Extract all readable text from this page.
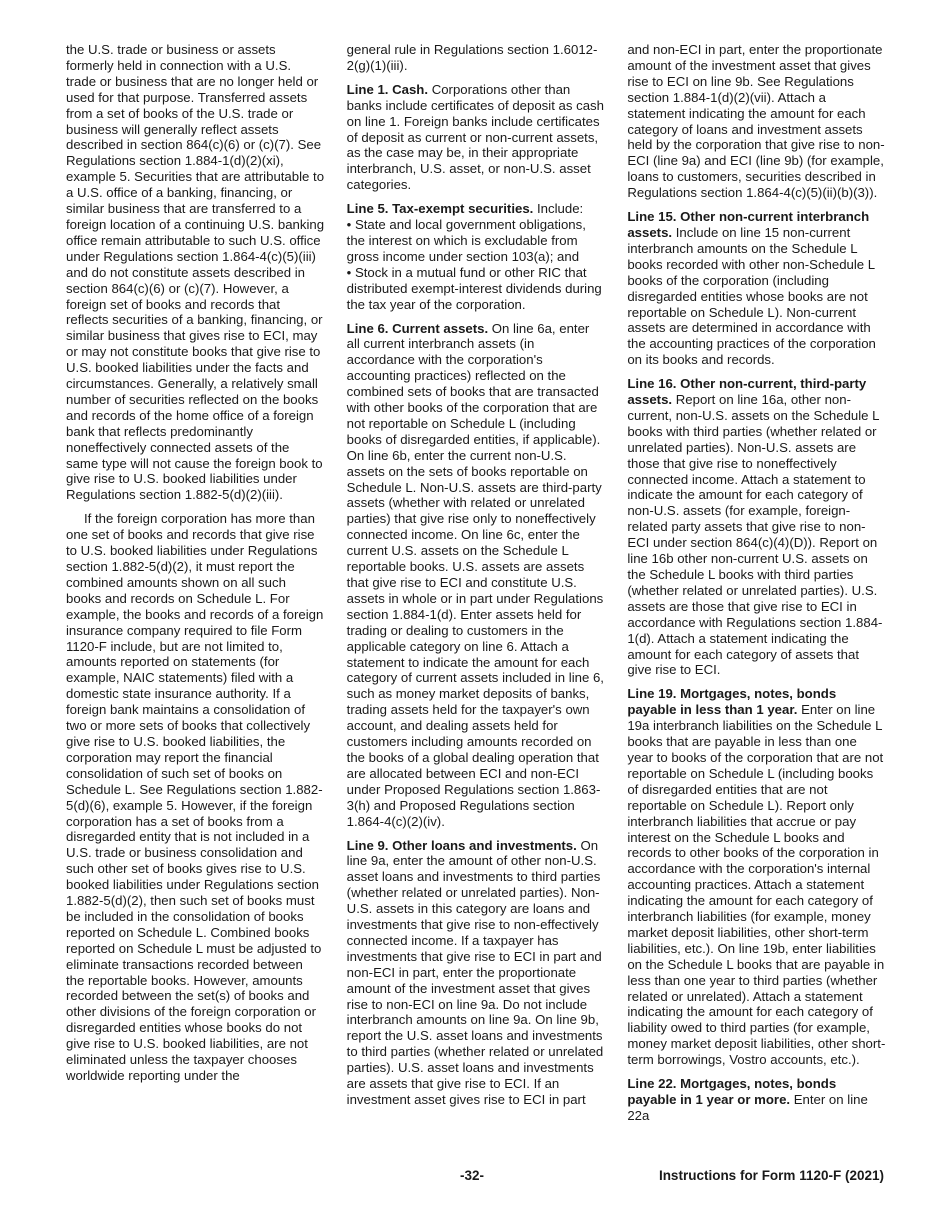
the U.S. trade or business or assets formerly held in connection with a U.S. trade or business that are no longer held or used for that purpose. Transferred assets from a set of books of the U.S. trade or business will generally reflect assets described in section 864(c)(6) or (c)(7). See Regulations section 1.884-1(d)(2)(xi), example 5. Securities that are attributable to a U.S. office of a banking, financing, or similar business that are transferred to a foreign location of a continuing U.S. banking office remain attributable to such U.S. office under Regulations section 1.864-4(c)(5)(iii) and do not constitute assets described in section 864(c)(6) or (c)(7). However, a foreign set of books and records that reflects securities of a banking, financing, or similar business that gives rise to ECI, may or may not constitute books that give rise to U.S. booked liabilities under the facts and circumstances. Generally, a relatively small number of securities reflected on the books and records of the home office of a foreign bank that reflects predominantly noneffectively connected assets of the same type will not cause the foreign book to give rise to U.S. booked liabilities under Regulations section 1.882-5(d)(2)(iii).

If the foreign corporation has more than one set of books and records that give rise to U.S. booked liabilities under Regulations section 1.882-5(d)(2), it must report the combined amounts shown on all such books and records on Schedule L. For example, the books and records of a foreign insurance company required to file Form 1120-F include, but are not limited to, amounts reported on statements (for example, NAIC statements) filed with a domestic state insurance authority. If a foreign bank maintains a consolidation of two or more sets of books that collectively give rise to U.S. booked liabilities, the corporation may report the financial consolidation of such set of books on Schedule L. See Regulations section 1.882-5(d)(6), example 5. However, if the foreign corporation has a set of books from a disregarded entity that is not included in a U.S. trade or business consolidation and such other set of books gives rise to U.S. booked liabilities under Regulations section 1.882-5(d)(2), then such set of books must be included in the consolidation of books reported on Schedule L. Combined books reported on Schedule L must be adjusted to eliminate transactions recorded between the reportable books. However, amounts recorded between the set(s) of books and other divisions of the foreign corporation or disregarded entities whose books do not give rise to U.S. booked liabilities, are not eliminated unless the taxpayer chooses worldwide reporting under the

general rule in Regulations section 1.6012-2(g)(1)(iii).

Line 1. Cash. Corporations other than banks include certificates of deposit as cash on line 1. Foreign banks include certificates of deposit as current or non-current assets, as the case may be, in their appropriate interbranch, U.S. asset, or non-U.S. asset categories.

Line 5. Tax-exempt securities. Include:
• State and local government obligations, the interest on which is excludable from gross income under section 103(a); and
• Stock in a mutual fund or other RIC that distributed exempt-interest dividends during the tax year of the corporation.

Line 6. Current assets. On line 6a, enter all current interbranch assets (in accordance with the corporation's accounting practices) reflected on the combined sets of books that are transacted with other books of the corporation that are not reportable on Schedule L (including books of disregarded entities, if applicable). On line 6b, enter the current non-U.S. assets on the sets of books reportable on Schedule L. Non-U.S. assets are third-party assets (whether with related or unrelated parties) that give rise only to noneffectively connected income. On line 6c, enter the current U.S. assets on the Schedule L reportable books. U.S. assets are assets that give rise to ECI and constitute U.S. assets in whole or in part under Regulations section 1.884-1(d). Enter assets held for trading or dealing to customers in the applicable category on line 6. Attach a statement to indicate the amount for each category of current assets included in line 6, such as money market deposits of banks, trading assets held for the taxpayer's own account, and dealing assets held for customers including amounts recorded on the books of a global dealing operation that are allocated between ECI and non-ECI under Proposed Regulations section 1.863-3(h) and Proposed Regulations section 1.864-4(c)(2)(iv).

Line 9. Other loans and investments. On line 9a, enter the amount of other non-U.S. asset loans and investments to third parties (whether related or unrelated parties). Non-U.S. assets in this category are loans and investments that give rise to non-effectively connected income. If a taxpayer has investments that give rise to ECI in part and non-ECI in part, enter the proportionate amount of the investment asset that gives rise to non-ECI on line 9a. Do not include interbranch amounts on line 9a. On line 9b, report the U.S. asset loans and investments to third parties (whether related or unrelated parties). U.S. asset loans and investments are assets that give rise to ECI. If an investment asset gives rise to ECI in part

and non-ECI in part, enter the proportionate amount of the investment asset that gives rise to ECI on line 9b. See Regulations section 1.884-1(d)(2)(vii). Attach a statement indicating the amount for each category of loans and investment assets held by the corporation that give rise to non-ECI (line 9a) and ECI (line 9b) (for example, loans to customers, securities described in Regulations section 1.864-4(c)(5)(ii)(b)(3)).

Line 15. Other non-current interbranch assets. Include on line 15 non-current interbranch amounts on the Schedule L books recorded with other non-Schedule L books of the corporation (including disregarded entities whose books are not reportable on Schedule L). Non-current assets are determined in accordance with the accounting practices of the corporation on its books and records.

Line 16. Other non-current, third-party assets. Report on line 16a, other non-current, non-U.S. assets on the Schedule L books with third parties (whether related or unrelated parties). Non-U.S. assets are those that give rise to noneffectively connected income. Attach a statement to indicate the amount for each category of non-U.S. assets (for example, foreign-related party assets that give rise to non-ECI under section 864(c)(4)(D)). Report on line 16b other non-current U.S. assets on the Schedule L books with third parties (whether related or unrelated parties). U.S. assets are those that give rise to ECI in accordance with Regulations section 1.884-1(d). Attach a statement indicating the amount for each category of assets that give rise to ECI.

Line 19. Mortgages, notes, bonds payable in less than 1 year. Enter on line 19a interbranch liabilities on the Schedule L books that are payable in less than one year to books of the corporation that are not reportable on Schedule L (including books of disregarded entities that are not reportable on Schedule L). Report only interbranch liabilities that accrue or pay interest on the Schedule L books and records to other books of the corporation in accordance with the corporation's internal accounting practices. Attach a statement indicating the amount for each category of interbranch liabilities (for example, money market deposit liabilities, other short-term liabilities, etc.). On line 19b, enter liabilities on the Schedule L books that are payable in less than one year to third parties (whether related or unrelated). Attach a statement indicating the amount for each category of liability owed to third parties (for example, money market deposit liabilities, other short-term borrowings, Vostro accounts, etc.).

Line 22. Mortgages, notes, bonds payable in 1 year or more. Enter on line 22a

-32-	Instructions for Form 1120-F (2021)
